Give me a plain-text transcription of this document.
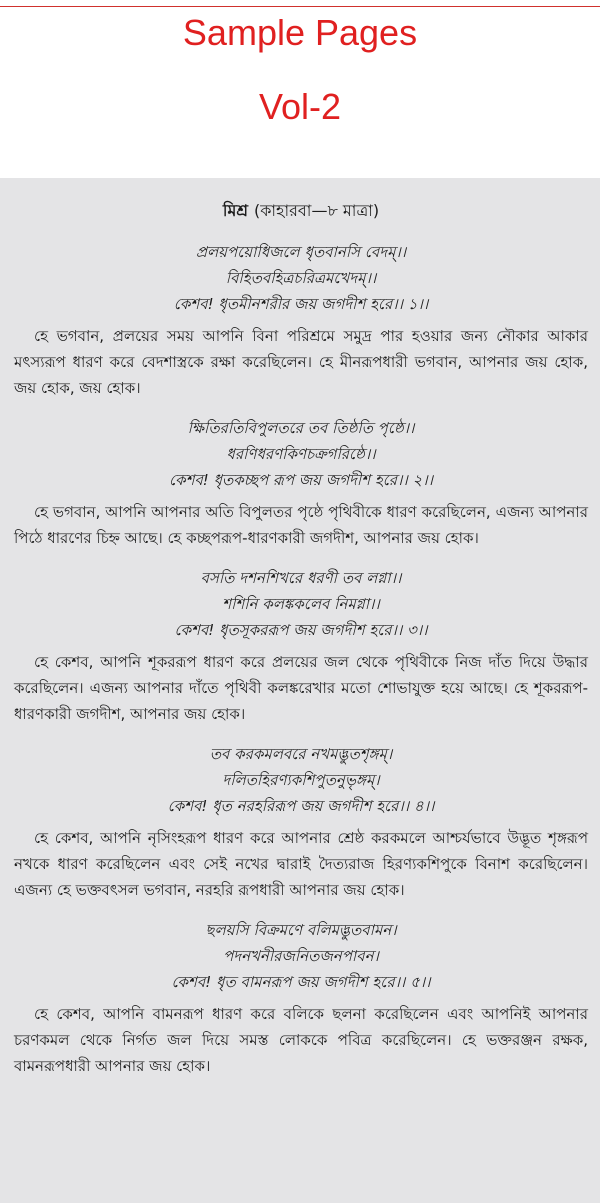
Sample Pages
Vol-2
মিশ্র (কাহারবা—৮ মাত্রা)
প্রলয়পয়োধিজলে ধৃতবানসি বেদম্।।
বিহিতবহিত্রচরিত্রমখেদম্।।
কেশব! ধৃতমীনশরীর জয় জগদীশ হরে।। ১।।

হে ভগবান, প্রলয়ের সময় আপনি বিনা পরিশ্রমে সমুদ্র পার হওয়ার জন্য নৌকার আকার মৎস্যরূপ ধারণ করে বেদশাস্ত্রকে রক্ষা করেছিলেন। হে মীনরূপধারী ভগবান, আপনার জয় হোক, জয় হোক, জয় হোক।

ক্ষিতিরতিবিপুলতরে তব তিষ্ঠতি পৃষ্ঠে।।
ধরণিধরণকিণচক্রগরিষ্ঠে।।
কেশব! ধৃতকচ্ছপ রূপ জয় জগদীশ হরে।। ২।।

হে ভগবান, আপনি আপনার অতি বিপুলতর পৃষ্ঠে পৃথিবীকে ধারণ করেছিলেন, এজন্য আপনার পিঠে ধারণের চিহ্ন আছে। হে কচ্ছপরূপ-ধারণকারী জগদীশ, আপনার জয় হোক।

বসতি দশনশিখরে ধরণী তব লগ্না।।
শশিনি কলঙ্ককলেব নিমগ্না।।
কেশব! ধৃতসূকররূপ জয় জগদীশ হরে।। ৩।।

হে কেশব, আপনি শূকররূপ ধারণ করে প্রলয়ের জল থেকে পৃথিবীকে নিজ দাঁত দিয়ে উদ্ধার করেছিলেন। এজন্য আপনার দাঁতে পৃথিবী কলঙ্করেখার মতো শোভাযুক্ত হয়ে আছে। হে শূকররূপ-ধারণকারী জগদীশ, আপনার জয় হোক।

তব করকমলবরে নখমদ্ভুতশৃঙ্গম্।
দলিতহিরণ্যকশিপুতনুভৃঙ্গম্।
কেশব! ধৃত নরহরিরূপ জয় জগদীশ হরে।। ৪।।

হে কেশব, আপনি নৃসিংহরূপ ধারণ করে আপনার শ্রেষ্ঠ করকমলে আশ্চর্যভাবে উদ্ভূত শৃঙ্গরূপ নখকে ধারণ করেছিলেন এবং সেই নখের দ্বারাই দৈত্যরাজ হিরণ্যকশিপুকে বিনাশ করেছিলেন। এজন্য হে ভক্তবৎসল ভগবান, নরহরি রূপধারী আপনার জয় হোক।

ছলয়সি বিক্রমণে বলিমদ্ভুতবামন।
পদনখনীরজনিতজনপাবন।
কেশব! ধৃত বামনরূপ জয় জগদীশ হরে।। ৫।।

হে কেশব, আপনি বামনরূপ ধারণ করে বলিকে ছলনা করেছিলেন এবং আপনিই আপনার চরণকমল থেকে নির্গত জল দিয়ে সমস্ত লোককে পবিত্র করেছিলেন। হে ভক্তরঞ্জন রক্ষক, বামনরূপধারী আপনার জয় হোক।
